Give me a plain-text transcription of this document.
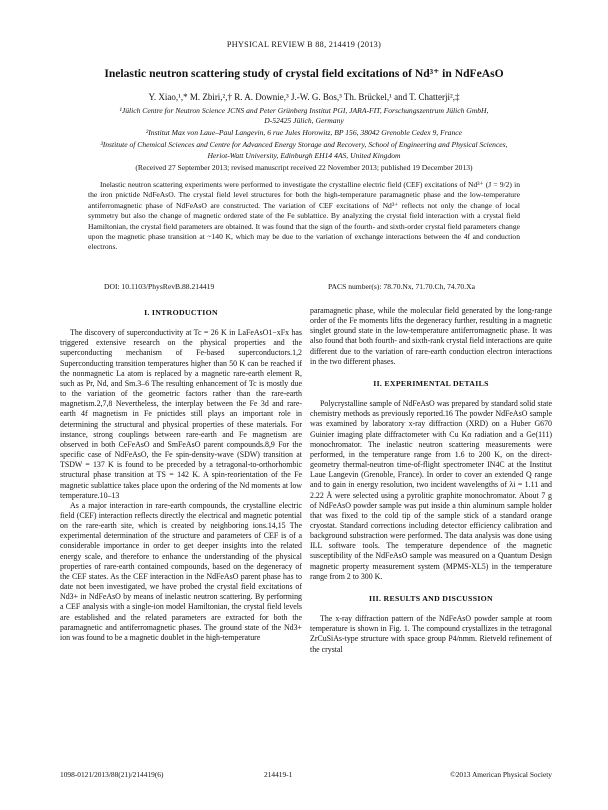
PHYSICAL REVIEW B 88, 214419 (2013)
Inelastic neutron scattering study of crystal field excitations of Nd³⁺ in NdFeAsO
Y. Xiao,¹,* M. Zbiri,²,† R. A. Downie,³ J.-W. G. Bos,³ Th. Brückel,¹ and T. Chatterji²,‡
¹Jülich Centre for Neutron Science JCNS and Peter Grünberg Institut PGI, JARA-FIT, Forschungszentrum Jülich GmbH,
D-52425 Jülich, Germany
²Institut Max von Laue–Paul Langevin, 6 rue Jules Horowitz, BP 156, 38042 Grenoble Cedex 9, France
³Institute of Chemical Sciences and Centre for Advanced Energy Storage and Recovery, School of Engineering and Physical Sciences,
Heriot-Watt University, Edinburgh EH14 4AS, United Kingdom
(Received 27 September 2013; revised manuscript received 22 November 2013; published 19 December 2013)
Inelastic neutron scattering experiments were performed to investigate the crystalline electric field (CEF) excitations of Nd³⁺ (J = 9/2) in the iron pnictide NdFeAsO. The crystal field level structures for both the high-temperature paramagnetic phase and the low-temperature antiferromagnetic phase of NdFeAsO are constructed. The variation of CEF excitations of Nd³⁺ reflects not only the change of local symmetry but also the change of magnetic ordered state of the Fe sublattice. By analyzing the crystal field interaction with a crystal field Hamiltonian, the crystal field parameters are obtained. It was found that the sign of the fourth- and sixth-order crystal field parameters change upon the magnetic phase transition at ~140 K, which may be due to the variation of exchange interactions between the 4f and conduction electrons.
DOI: 10.1103/PhysRevB.88.214419	PACS number(s): 78.70.Nx, 71.70.Ch, 74.70.Xa
I. INTRODUCTION

The discovery of superconductivity at Tc = 26 K in LaFeAsO1−xFx has triggered extensive research on the physical properties and the superconducting mechanism of Fe-based superconductors.1,2 Superconducting transition temperatures higher than 50 K can be reached if the nonmagnetic La atom is replaced by a magnetic rare-earth element R, such as Pr, Nd, and Sm.3–6 The resulting enhancement of Tc is mostly due to the variation of the geometric factors rather than the rare-earth magnetism.2,7,8 Nevertheless, the interplay between the Fe 3d and rare-earth 4f magnetism in Fe pnictides still plays an important role in determining the structural and physical properties of these materials. For instance, strong couplings between rare-earth and Fe magnetism are observed in both CeFeAsO and SmFeAsO parent compounds.8,9 For the specific case of NdFeAsO, the Fe spin-density-wave (SDW) transition at TSDW = 137 K is found to be preceded by a tetragonal-to-orthorhombic structural phase transition at TS = 142 K. A spin-reorientation of the Fe magnetic sublattice takes place upon the ordering of the Nd moments at low temperature.10–13

As a major interaction in rare-earth compounds, the crystalline electric field (CEF) interaction reflects directly the electrical and magnetic potential on the rare-earth site, which is created by neighboring ions.14,15 The experimental determination of the structure and parameters of CEF is of a considerable importance in order to get deeper insights into the related energy scale, and therefore to enhance the understanding of the physical properties of rare-earth contained compounds, based on the degeneracy of the CEF states. As the CEF interaction in the NdFeAsO parent phase has to date not been investigated, we have probed the crystal field excitations of Nd3+ in NdFeAsO by means of inelastic neutron scattering. By performing a CEF analysis with a single-ion model Hamiltonian, the crystal field levels are established and the related parameters are extracted for both the paramagnetic and antiferromagnetic phases. The ground state of the Nd3+ ion was found to be a magnetic doublet in the high-temperature

paramagnetic phase, while the molecular field generated by the long-range order of the Fe moments lifts the degeneracy further, resulting in a magnetic singlet ground state in the low-temperature antiferromagnetic phase. It was also found that both fourth- and sixth-rank crystal field interactions are quite different due to the variation of rare-earth conduction electron interactions in the two different phases.

II. EXPERIMENTAL DETAILS

Polycrystalline sample of NdFeAsO was prepared by standard solid state chemistry methods as previously reported.16 The powder NdFeAsO sample was examined by laboratory x-ray diffraction (XRD) on a Huber G670 Guinier imaging plate diffractometer with Cu Kα radiation and a Ge(111) monochromator. The inelastic neutron scattering measurements were performed, in the temperature range from 1.6 to 200 K, on the direct-geometry thermal-neutron time-of-flight spectrometer IN4C at the Institut Laue Langevin (Grenoble, France). In order to cover an extended Q range and to gain in energy resolution, two incident wavelengths of λi = 1.11 and 2.22 Å were selected using a pyrolitic graphite monochromator. About 7 g of NdFeAsO powder sample was put inside a thin aluminum sample holder that was fixed to the cold tip of the sample stick of a standard orange cryostat. Standard corrections including detector efficiency calibration and background substraction were performed. The data analysis was done using ILL software tools. The temperature dependence of the magnetic susceptibility of the NdFeAsO sample was measured on a Quantum Design magnetic property measurement system (MPMS-XL5) in the temperature range from 2 to 300 K.

III. RESULTS AND DISCUSSION

The x-ray diffraction pattern of the NdFeAsO powder sample at room temperature is shown in Fig. 1. The compound crystallizes in the tetragonal ZrCuSiAs-type structure with space group P4/nmm. Rietveld refinement of the crystal

1098-0121/2013/88(21)/214419(6)	214419-1	©2013 American Physical Society
